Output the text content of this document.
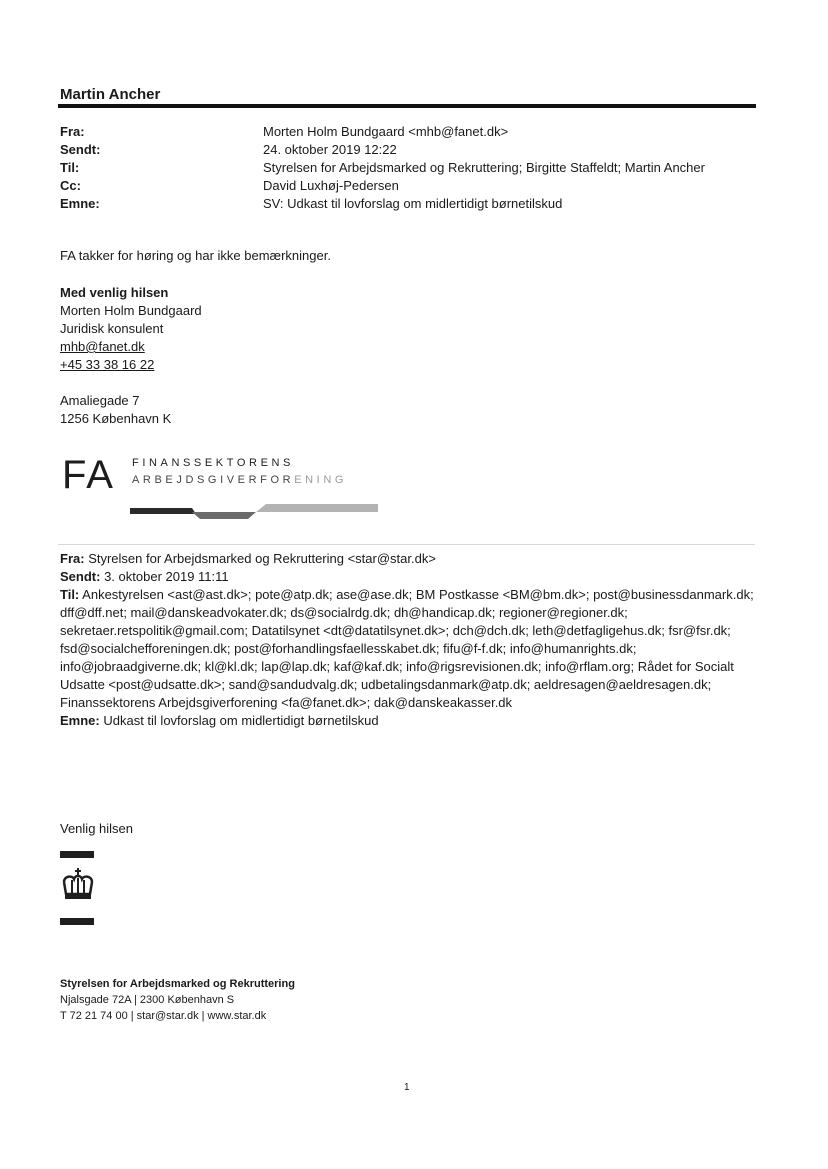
Martin Ancher
Fra:	Morten Holm Bundgaard <mhb@fanet.dk>
Sendt:	24. oktober 2019 12:22
Til:	Styrelsen for Arbejdsmarked og Rekruttering; Birgitte Staffeldt; Martin Ancher
Cc:	David Luxhøj-Pedersen
Emne:	SV: Udkast til lovforslag om midlertidigt børnetilskud
FA takker for høring og har ikke bemærkninger.
Med venlig hilsen
Morten Holm Bundgaard
Juridisk konsulent
mhb@fanet.dk
+45 33 38 16 22
Amaliegade 7
1256 København K
FA FINANSSEKTORENS
ARBEJDSGIVERFORENING

Fra: Styrelsen for Arbejdsmarked og Rekruttering <star@star.dk>

Sendt: 3. oktober 2019 11:11

Til: Ankestyrelsen <ast@ast.dk>; pote@atp.dk; ase@ase.dk; BM Postkasse <BM@bm.dk>; post@businessdanmark.dk; dff@dff.net; mail@danskeadvokater.dk; ds@socialrdg.dk; dh@handicap.dk; regioner@regioner.dk; sekretaer.retspolitik@gmail.com; Datatilsynet <dt@datatilsynet.dk>; dch@dch.dk; leth@detfagligehus.dk; fsr@fsr.dk; fsd@socialchefforeningen.dk; post@forhandlingsfaellesskabet.dk; fifu@f-f.dk; info@humanrights.dk; info@jobraadgiverne.dk; kl@kl.dk; lap@lap.dk; kaf@kaf.dk; info@rigsrevisionen.dk; info@rflam.org; Rådet for Socialt Udsatte <post@udsatte.dk>; sand@sandudvalg.dk; udbetalingsdanmark@atp.dk; aeldresagen@aeldresagen.dk; Finanssektorens Arbejdsgiverforening <fa@fanet.dk>; dak@danskeakasser.dk

Emne: Udkast til lovforslag om midlertidigt børnetilskud

Venlig hilsen
Styrelsen for Arbejdsmarked og Rekruttering
Njalsgade 72A | 2300 København S
T 72 21 74 00 | star@star.dk | www.star.dk
1
